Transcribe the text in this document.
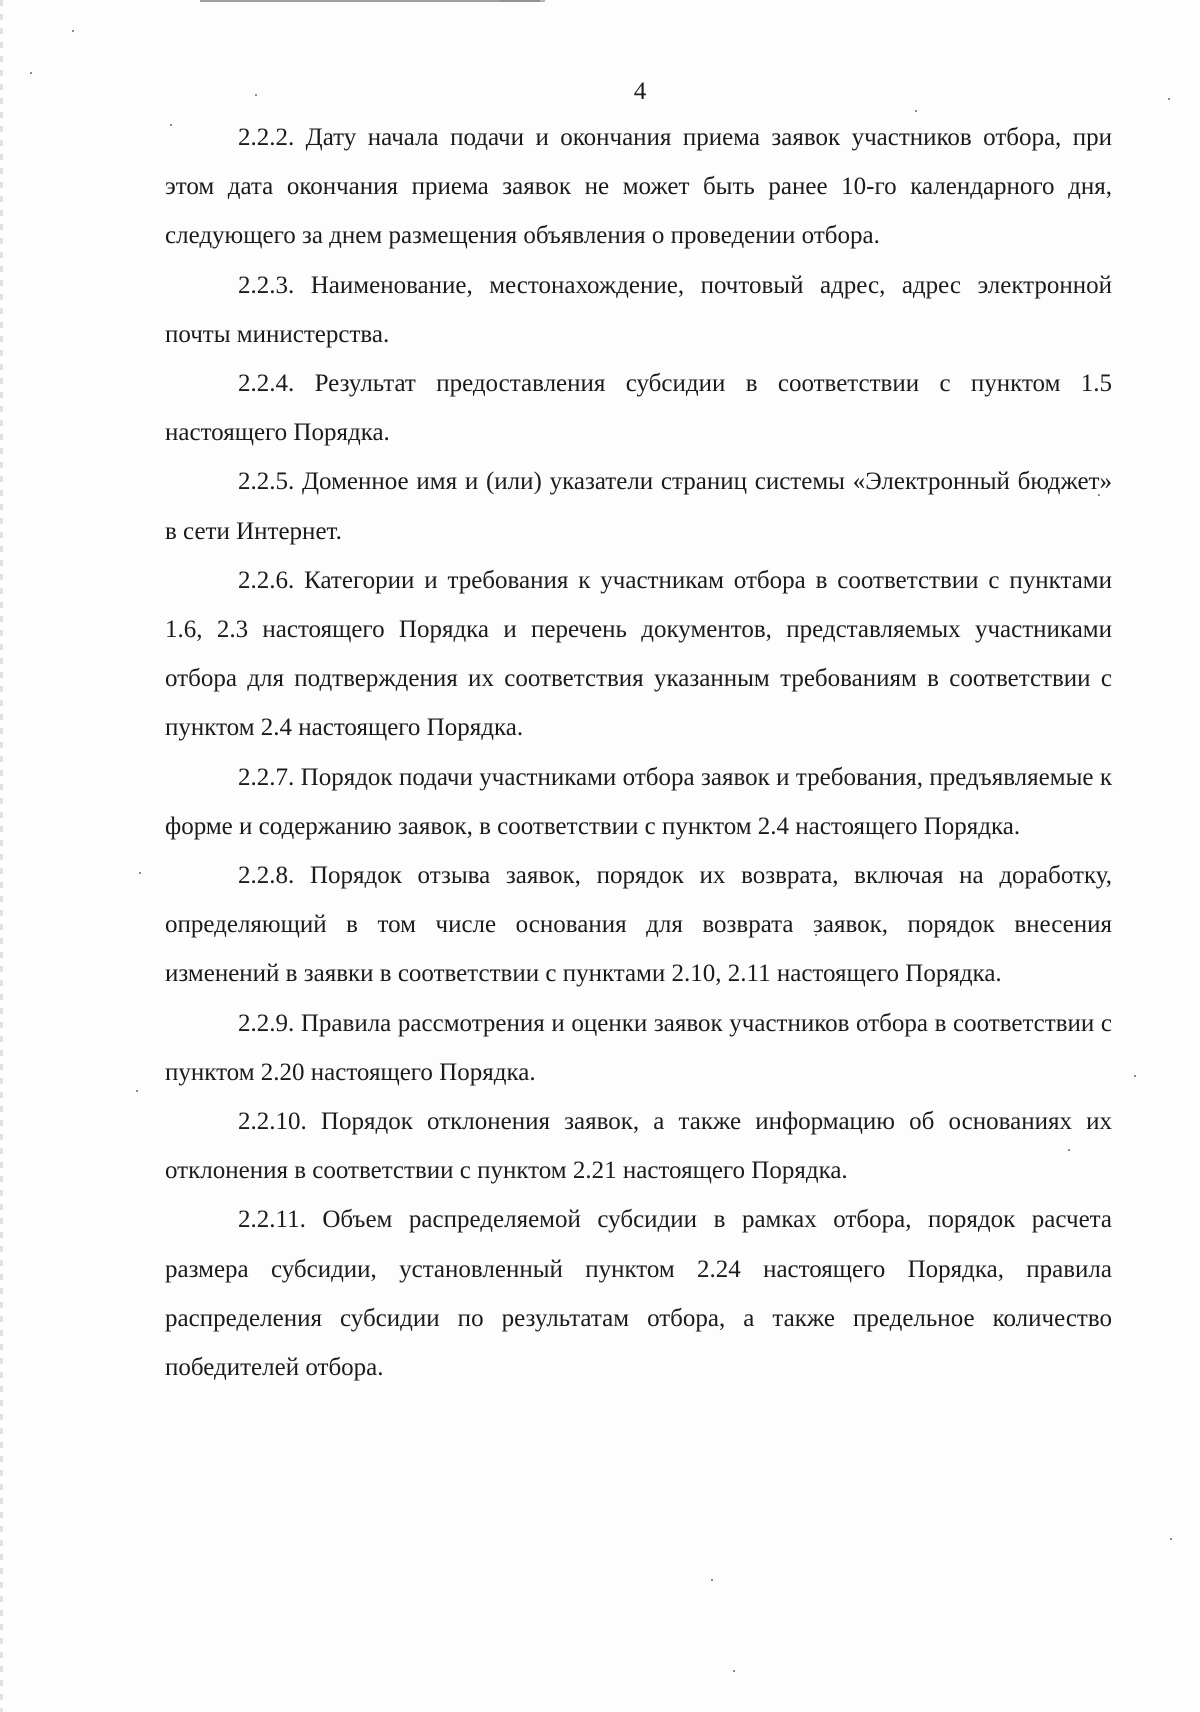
4

2.2.2. Дату начала подачи и окончания приема заявок участников отбора, при этом дата окончания приема заявок не может быть ранее 10-го календарного дня, следующего за днем размещения объявления о проведении отбора.

2.2.3. Наименование, местонахождение, почтовый адрес, адрес электронной почты министерства.

2.2.4. Результат предоставления субсидии в соответствии с пунктом 1.5 настоящего Порядка.

2.2.5. Доменное имя и (или) указатели страниц системы «Электронный бюджет» в сети Интернет.

2.2.6. Категории и требования к участникам отбора в соответствии с пунктами 1.6, 2.3 настоящего Порядка и перечень документов, представляемых участниками отбора для подтверждения их соответствия указанным требованиям в соответствии с пунктом 2.4 настоящего Порядка.

2.2.7. Порядок подачи участниками отбора заявок и требования, предъявляемые к форме и содержанию заявок, в соответствии с пунктом 2.4 настоящего Порядка.

2.2.8. Порядок отзыва заявок, порядок их возврата, включая на доработку, определяющий в том числе основания для возврата заявок, порядок внесения изменений в заявки в соответствии с пунктами 2.10, 2.11 настоящего Порядка.

2.2.9. Правила рассмотрения и оценки заявок участников отбора в соответствии с пунктом 2.20 настоящего Порядка.

2.2.10. Порядок отклонения заявок, а также информацию об основаниях их отклонения в соответствии с пунктом 2.21 настоящего Порядка.

2.2.11. Объем распределяемой субсидии в рамках отбора, порядок расчета размера субсидии, установленный пунктом 2.24 настоящего Порядка, правила распределения субсидии по результатам отбора, а также предельное количество победителей отбора.
